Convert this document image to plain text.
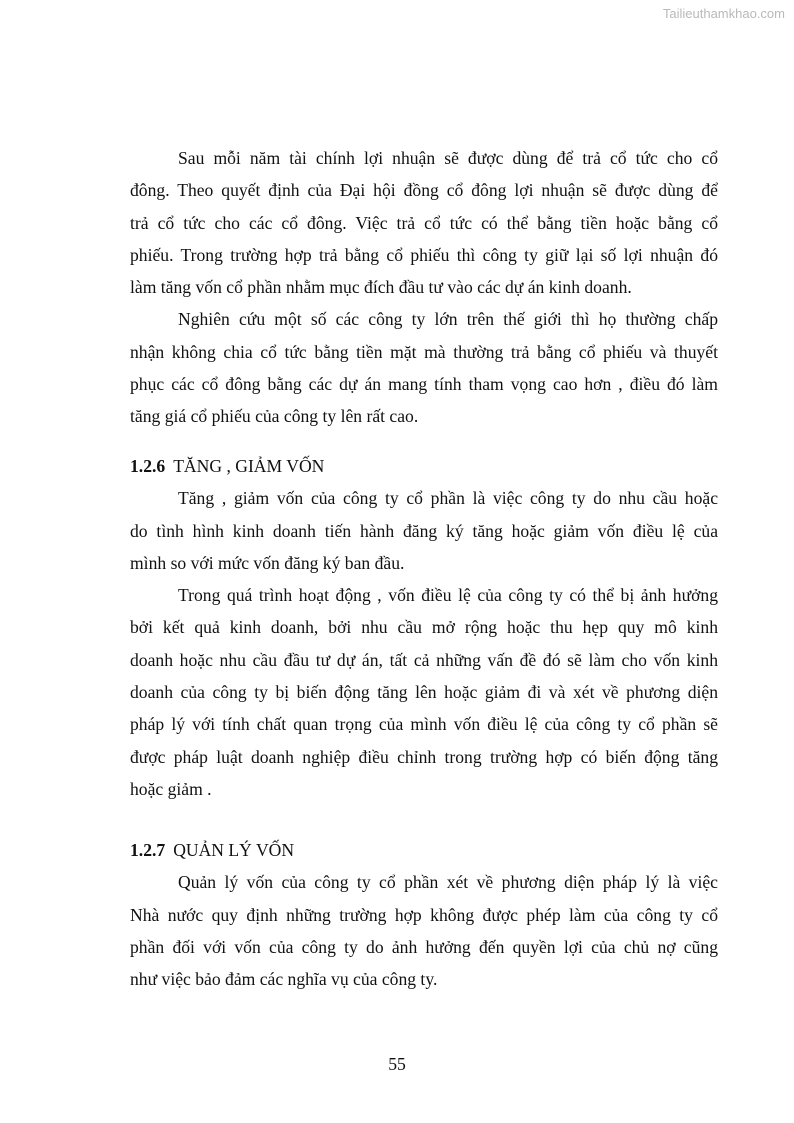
Tailieuthamkhao.com
Sau mỗi năm tài chính lợi nhuận sẽ được dùng để trả cổ tức cho cổ
đông. Theo quyết định của Đại hội đồng cổ đông lợi nhuận sẽ được dùng để
trả cổ tức cho các cổ đông. Việc trả cổ tức có thể bằng tiền hoặc bằng cổ
phiếu. Trong trường hợp trả bằng cổ phiếu thì công ty giữ lại số lợi nhuận đó
làm tăng vốn cổ phần nhằm mục đích đầu tư vào các dự án kinh doanh.
Nghiên cứu một số các công ty lớn trên thế giới thì họ thường chấp
nhận không chia cổ tức bằng tiền mặt mà thường trả bằng cổ phiếu và thuyết
phục các cổ đông bằng các dự án mang tính tham vọng cao hơn , điều đó làm
tăng giá cổ phiếu của công ty lên rất cao.
1.2.6 TĂNG , GIẢM VỐN
Tăng , giảm vốn của công ty cổ phần là việc công ty do nhu cầu hoặc
do tình hình kinh doanh tiến hành đăng ký tăng hoặc giảm vốn điều lệ của
mình so với mức vốn đăng ký ban đầu.
Trong quá trình hoạt động , vốn điều lệ của công ty có thể bị ảnh hưởng
bởi kết quả kinh doanh, bởi nhu cầu mở rộng hoặc thu hẹp quy mô kinh
doanh hoặc nhu cầu đầu tư dự án, tất cả những vấn đề đó sẽ làm cho vốn kinh
doanh của công ty bị biến động tăng lên hoặc giảm đi và xét về phương diện
pháp lý với tính chất quan trọng của mình vốn điều lệ của công ty cổ phần sẽ
được pháp luật doanh nghiệp điều chỉnh trong trường hợp có biến động tăng
hoặc giảm .
1.2.7 QUẢN LÝ VỐN
Quản lý vốn của công ty cổ phần xét về phương diện pháp lý là việc
Nhà nước quy định những trường hợp không được phép làm của công ty cổ
phần đối với vốn của công ty do ảnh hưởng đến quyền lợi của chủ nợ cũng
như việc bảo đảm các nghĩa vụ của công ty.
55
